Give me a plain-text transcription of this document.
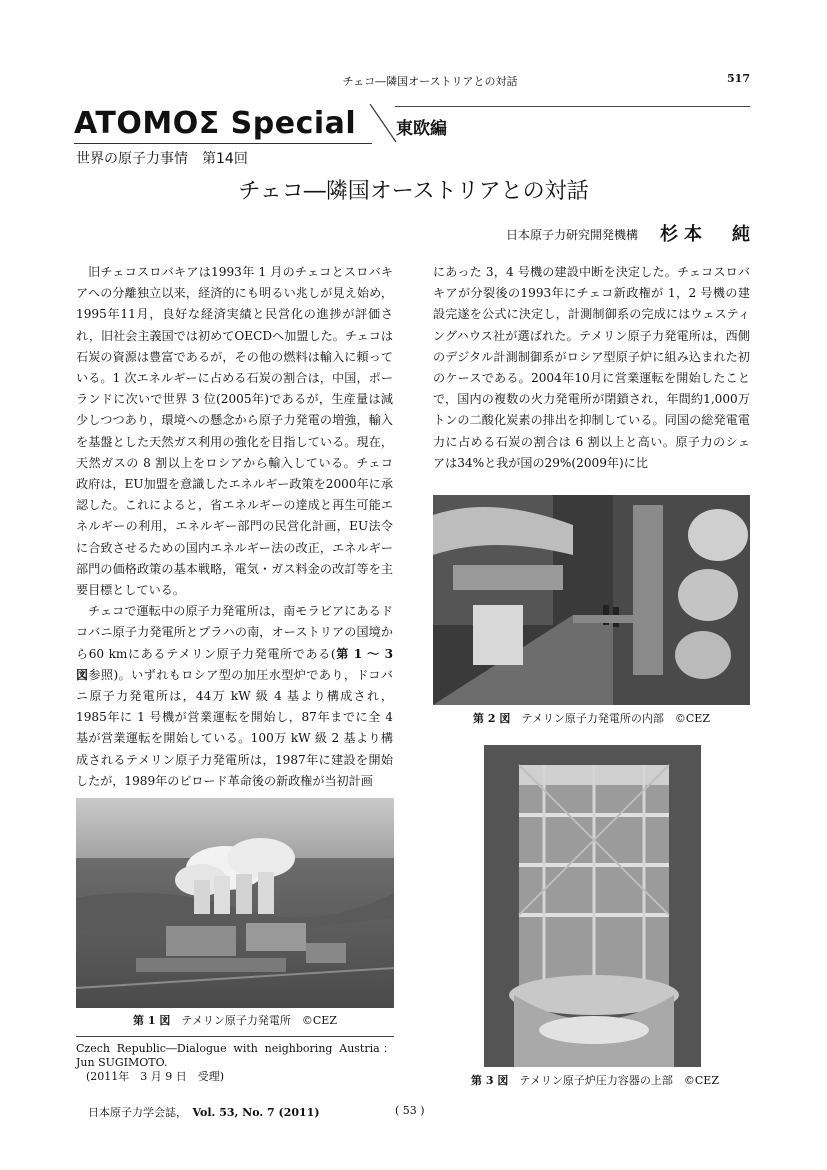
チェコ―隣国オーストリアとの対話	517
ATOMOΣ Special 東欧編
世界の原子力事情　第14回
チェコ―隣国オーストリアとの対話
日本原子力研究開発機構 杉本　純

旧チェコスロバキアは1993年 1 月のチェコとスロバキアへの分離独立以来，経済的にも明るい兆しが見え始め，1995年11月，良好な経済実績と民営化の進捗が評価され，旧社会主義国では初めてOECDへ加盟した。チェコは石炭の資源は豊富であるが，その他の燃料は輸入に頼っている。1 次エネルギーに占める石炭の割合は，中国，ポーランドに次いで世界 3 位(2005年)であるが，生産量は減少しつつあり，環境への懸念から原子力発電の増強，輸入を基盤とした天然ガス利用の強化を目指している。現在，天然ガスの 8 割以上をロシアから輸入している。チェコ政府は，EU加盟を意識したエネルギー政策を2000年に承認した。これによると，省エネルギーの達成と再生可能エネルギーの利用，エネルギー部門の民営化計画，EU法令に合致させるための国内エネルギー法の改正，エネルギー部門の価格政策の基本戦略，電気・ガス料金の改訂等を主要目標としている。

チェコで運転中の原子力発電所は，南モラビアにあるドコバニ原子力発電所とプラハの南，オーストリアの国境から60 kmにあるテメリン原子力発電所である(第 1 〜 3 図参照)。いずれもロシア型の加圧水型炉であり，ドコバニ原子力発電所は，44万 kW 級 4 基より構成され，1985年に 1 号機が営業運転を開始し，87年までに全 4 基が営業運転を開始している。100万 kW 級 2 基より構成されるテメリン原子力発電所は，1987年に建設を開始したが，1989年のビロード革命後の新政権が当初計画

にあった 3，4 号機の建設中断を決定した。チェコスロバキアが分裂後の1993年にチェコ新政権が 1，2 号機の建設完遂を公式に決定し，計測制御系の完成にはウェスティングハウス社が選ばれた。テメリン原子力発電所は，西側のデジタル計測制御系がロシア型原子炉に組み込まれた初のケースである。2004年10月に営業運転を開始したことで，国内の複数の火力発電所が閉鎖され，年間約1,000万トンの二酸化炭素の排出を抑制している。同国の総発電電力に占める石炭の割合は 6 割以上と高い。原子力のシェアは34%と我が国の29%(2009年)に比

第 1 図　 テメリン原子力発電所　 ©CEZ
第 2 図　 テメリン原子力発電所の内部　 ©CEZ
第 3 図　 テメリン原子炉圧力容器の上部　 ©CEZ
Czech Republic―Dialogue with neighboring Austria：Jun SUGIMOTO.
(2011年　3 月 9 日　受理)
日本原子力学会誌，　 Vol. 53, No. 7 (2011)	( 53 )
